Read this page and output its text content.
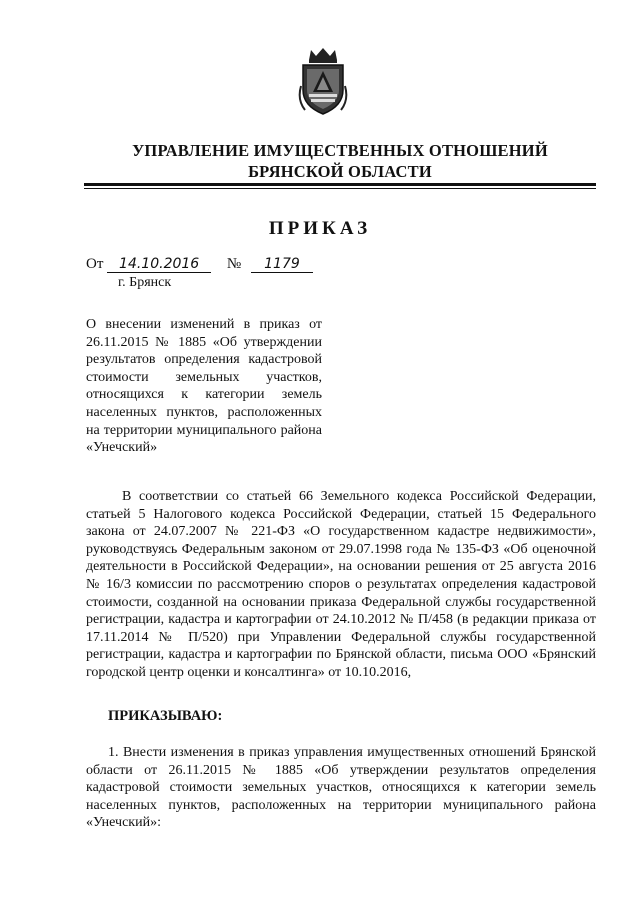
УПРАВЛЕНИЕ ИМУЩЕСТВЕННЫХ ОТНОШЕНИЙ
БРЯНСКОЙ ОБЛАСТИ
ПРИКАЗ
От 14.10.2016 № 1179
г. Брянск
О внесении изменений в приказ от 26.11.2015 № 1885 «Об утверждении результатов определения кадастровой стоимости земельных участков, относящихся к категории земель населенных пунктов, расположенных на территории муниципального района «Унечский»

В соответствии со статьей 66 Земельного кодекса Российской Федерации, статьей 5 Налогового кодекса Российской Федерации, статьей 15 Федерального закона от 24.07.2007 № 221-ФЗ «О государственном кадастре недвижимости», руководствуясь Федеральным законом от 29.07.1998 года № 135-ФЗ «Об оценочной деятельности в Российской Федерации», на основании решения от 25 августа 2016 № 16/3 комиссии по рассмотрению споров о результатах определения кадастровой стоимости, созданной на основании приказа Федеральной службы государственной регистрации, кадастра и картографии от 24.10.2012 № П/458 (в редакции приказа от 17.11.2014 № П/520) при Управлении Федеральной службы государственной регистрации, кадастра и картографии по Брянской области, письма ООО «Брянский городской центр оценки и консалтинга» от 10.10.2016,

ПРИКАЗЫВАЮ:

1. Внести изменения в приказ управления имущественных отношений Брянской области от 26.11.2015 № 1885 «Об утверждении результатов определения кадастровой стоимости земельных участков, относящихся к категории земель населенных пунктов, расположенных на территории муниципального района «Унечский»:
